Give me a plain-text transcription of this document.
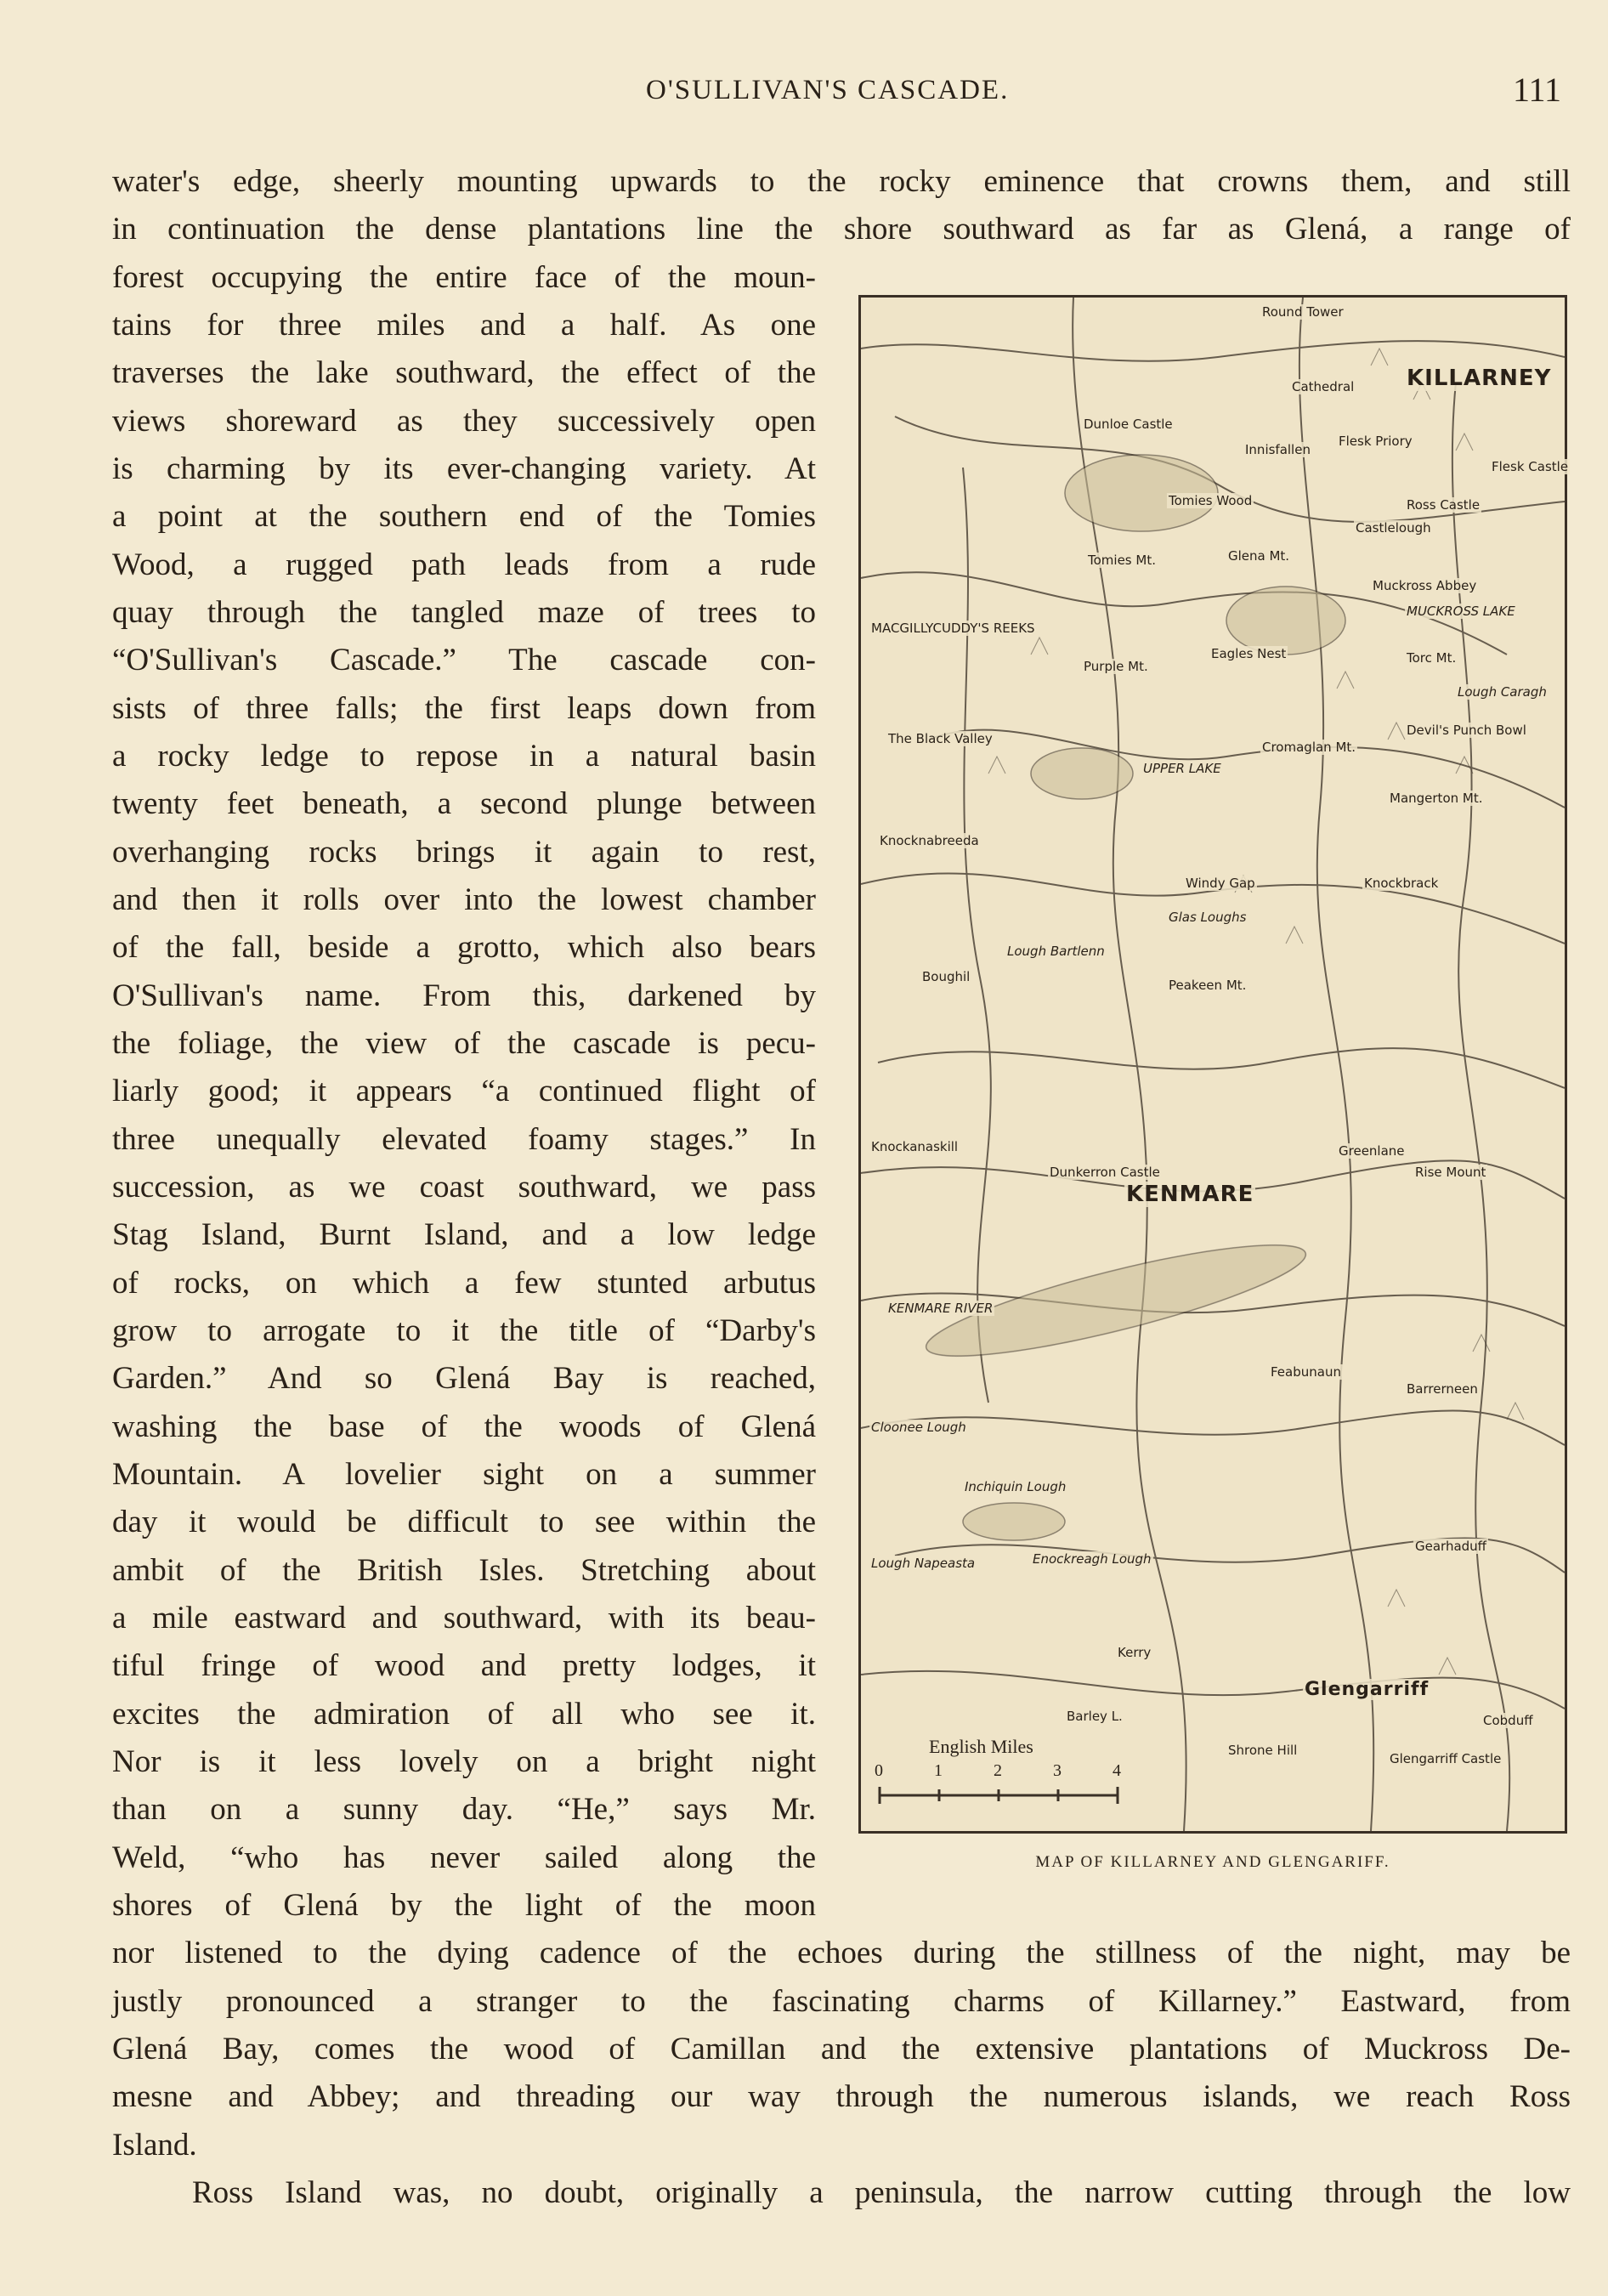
O'SULLIVAN'S CASCADE.	111
water's edge, sheerly mounting upwards to the rocky eminence that crowns them, and still
in continuation the dense plantations line the shore southward as far as Glená, a range of
forest occupying the entire face of the moun-
tains for three miles and a half. As one
traverses the lake southward, the effect of the
views shoreward as they successively open
is charming by its ever-changing variety. At
a point at the southern end of the Tomies
Wood, a rugged path leads from a rude
quay through the tangled maze of trees to
“O'Sullivan's Cascade.” The cascade con-
sists of three falls; the first leaps down from
a rocky ledge to repose in a natural basin
twenty feet beneath, a second plunge between
overhanging rocks brings it again to rest,
and then it rolls over into the lowest chamber
of the fall, beside a grotto, which also bears
O'Sullivan's name. From this, darkened by
the foliage, the view of the cascade is pecu-
liarly good; it appears “a continued flight of
three unequally elevated foamy stages.” In
succession, as we coast southward, we pass
Stag Island, Burnt Island, and a low ledge
of rocks, on which a few stunted arbutus
grow to arrogate to it the title of “Darby's
Garden.” And so Glená Bay is reached,
washing the base of the woods of Glená
Mountain. A lovelier sight on a summer
day it would be difficult to see within the
ambit of the British Isles. Stretching about
a mile eastward and southward, with its beau-
tiful fringe of wood and pretty lodges, it
excites the admiration of all who see it.
Nor is it less lovely on a bright night
than on a sunny day. “He,” says Mr.
Weld, “who has never sailed along the
shores of Glená by the light of the moon
nor listened to the dying cadence of the echoes during the stillness of the night, may be
justly pronounced a stranger to the fascinating charms of Killarney.” Eastward, from
Glená Bay, comes the wood of Camillan and the extensive plantations of Muckross De-
mesne and Abbey; and threading our way through the numerous islands, we reach Ross
Island.
Ross Island was, no doubt, originally a peninsula, the narrow cutting through the low
KILLARNEY
Round Tower
Cathedral
Flesk Priory
Flesk Castle
Ross Castle
Innisfallen
Castlelough
Dunloe Castle
Tomies Wood
Tomies Mt.	Glena Mt.
Muckross Abbey
MUCKROSS LAKE
Torc Mt.
Eagles Nest
Purple Mt.
MACGILLYCUDDY'S REEKS
The Black Valley
UPPER LAKE
Cromaglan Mt.
Devil's Punch Bowl
Mangerton Mt.
Knocknabreeda
Windy Gap
Glas Loughs
Knockbrack
Boughil
Lough Bartlenn
Peakeen Mt.
Knockanaskill
Dunkerron Castle
KENMARE
Greenlane
Rise Mount
KENMARE RIVER
Feabunaun
Barrerneen
Cloonee Lough
Inchiquin Lough
Lough Napeasta	Enockreagh Lough
Gearhaduff
Kerry
Barley L.
Glengarriff
Shrone Hill
Glengarriff Castle
Cobduff
Lough Caragh
English Miles
0	1	2	3	4
MAP OF KILLARNEY AND GLENGARIFF.
